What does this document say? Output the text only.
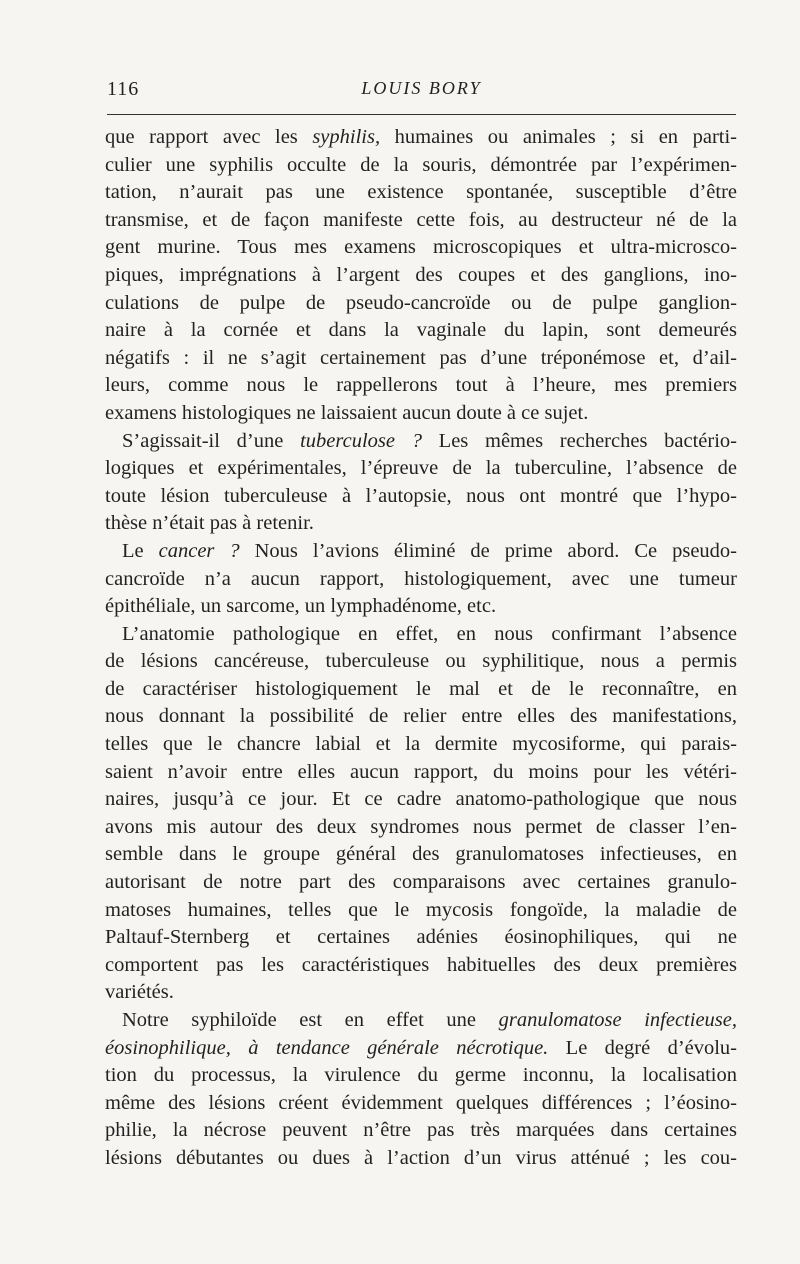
116	LOUIS BORY
que rapport avec les syphilis, humaines ou animales ; si en parti-
culier une syphilis occulte de la souris, démontrée par l’expérimen-
tation, n’aurait pas une existence spontanée, susceptible d’être
transmise, et de façon manifeste cette fois, au destructeur né de la
gent murine. Tous mes examens microscopiques et ultra-microsco-
piques, imprégnations à l’argent des coupes et des ganglions, ino-
culations de pulpe de pseudo-cancroïde ou de pulpe ganglion-
naire à la cornée et dans la vaginale du lapin, sont demeurés
négatifs : il ne s’agit certainement pas d’une tréponémose et, d’ail-
leurs, comme nous le rappellerons tout à l’heure, mes premiers
examens histologiques ne laissaient aucun doute à ce sujet.
S’agissait-il d’une tuberculose ? Les mêmes recherches bactério-
logiques et expérimentales, l’épreuve de la tuberculine, l’absence de
toute lésion tuberculeuse à l’autopsie, nous ont montré que l’hypo-
thèse n’était pas à retenir.
Le cancer ? Nous l’avions éliminé de prime abord. Ce pseudo-
cancroïde n’a aucun rapport, histologiquement, avec une tumeur
épithéliale, un sarcome, un lymphadénome, etc.
L’anatomie pathologique en effet, en nous confirmant l’absence
de lésions cancéreuse, tuberculeuse ou syphilitique, nous a permis
de caractériser histologiquement le mal et de le reconnaître, en
nous donnant la possibilité de relier entre elles des manifestations,
telles que le chancre labial et la dermite mycosiforme, qui parais-
saient n’avoir entre elles aucun rapport, du moins pour les vétéri-
naires, jusqu’à ce jour. Et ce cadre anatomo-pathologique que nous
avons mis autour des deux syndromes nous permet de classer l’en-
semble dans le groupe général des granulomatoses infectieuses, en
autorisant de notre part des comparaisons avec certaines granulo-
matoses humaines, telles que le mycosis fongoïde, la maladie de
Paltauf-Sternberg et certaines adénies éosinophiliques, qui ne
comportent pas les caractéristiques habituelles des deux premières
variétés.
Notre syphiloïde est en effet une granulomatose infectieuse,
éosinophilique, à tendance générale nécrotique. Le degré d’évolu-
tion du processus, la virulence du germe inconnu, la localisation
même des lésions créent évidemment quelques différences ; l’éosino-
philie, la nécrose peuvent n’être pas très marquées dans certaines
lésions débutantes ou dues à l’action d’un virus atténué ; les cou-
